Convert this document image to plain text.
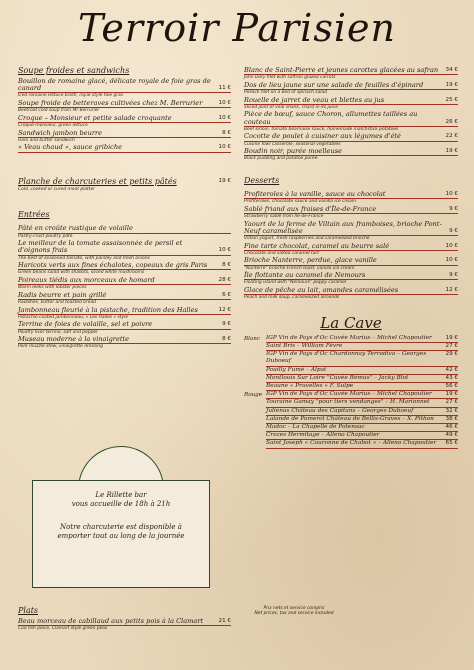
Terroir Parisien
Soupe froides et sandwichs
Bouillon de romaine glacé, délicate royale de foie gras de canard	11 €
Iced romaine lettuce broth, royal-style foie gras
Soupe froide de betteraves cultivées chez M. Berrurier	10 €
Beetroot cold soup from Mr Berrurier
Croque – Monsieur et petite salade croquante	10 €
Croque-monsieur, green lettuce
Sandwich jambon beurre	8 €
Ham and butter sandwich
« Veau chaud », sauce gribiche	10 €
Planche de charcuteries et petits pâtés	19 €
Cold, cooked or cured meat platter
Entrées
Pâté en croûte rustique de volaille
Pastry-crust poultry pâté
Le meilleur de la tomate assaisonnée de persil et d'oignons frais	10 €
The best of seasoned tomato, with parsley and fresh onions
Haricots verts aux fines échalotes, copeaux de gris Paris	8 €
Green beans salad with shallots, sliced white mushrooms
Poireaux tiédis aux morceaux de homard	28 €
Warm leeks with lobster pieces
Radis beurre et pain grillé	6 €
Radishes, butter and toasted bread
Jambonneau fleurié à la pistache, tradition des Halles	12 €
Pistachio coated jambonneau, « Les Halles » style
Terrine de foies de volaille, sel et poivre	9 €
Poultry liver terrine, salt and pepper
Museau moderne à la vinaigrette	8 €
Pork muzzle stew, vinaigrette dressing
Blanc de Saint-Pierre et jeunes carottes glacées au safran	34 €
John Dory filet with saffron glazed carrots
Dos de lieu jaune sur une salade de feuilles d'épinard	19 €
Pollack filet on a bed of spinach salad
Rouelle de jarret de veau et blettes au jus	25 €
Sliced joint of veal shank, chard in its juice
Pièce de bœuf, sauce Choron, allumettes taillées au couteau	26 €
Beef sirloin, tomato béarnaise sauce, homemade matchstick potatoes
Cocotte de poulet à cuisiner aux légumes d'été	22 €
Cuisine fowl casserole, seasonal vegetables
Boudin noir, purée moelleuse	19 €
Black pudding and potatoe purée
Desserts
Profiteroles à la vanille, sauce au chocolat	10 €
Profiteroles, chocolate sauce and vanilla ice cream
Sablé friand aux fraises d'Île-de-France	9 €
Strawberry sablé from Île-de-France
Yaourt de la ferme de Viltain aux framboises, brioche Pont-Neuf caramélisée	9 €
Viltain yogurt, fresh raspberries and caramelized brioche
Fine tarte chocolat, caramel au beurre salé	10 €
Chocolate and salted caramel tart
Brioche Nanterre, perdue, glace vanille	10 €
"Nanterre" brioche French toast, vanilla ice cream
Île flottante au caramel de Nemours	9 €
Floating island with "Nemours" poppy caramel
Glace de pêche au lait, amandes caramélisées	12 €
Peach and milk soup, caramelized almonds
La Cave
Blanc	IGP Vin de Pays d'Oc Cuvée Marius – Michel Chapoutier	19 €
Saint Bris – William Fèvre	27 €
IGP Vin de Pays d'Oc Chardonnay Terradiva – Georges Duboeuf
29 €
Pouilly Fumé – Alpat	42 €
Montlouis Sur Loire "Cuvée Rémus" – Jacky Blot	43 €
Beaune « Pruvelles » F. Sulpe	56 €
Rouge IGP Vin de Pays d'Oc Cuvée Marius – Michel Chapoutier	19 €
Touraine Gamay "pour tiers vendanges" – H. Marionnet	27 €
Juliénas Château des Capitans – Georges Duboeuf	32 €
Lalande de Pomerol Château de Bellis-Graves – X. Pithon	38 €
Madoc – La Chapelle de Potensac	46 €
Crozes Hermitage – Alleno Chapoutier	49 €
Saint Joseph « Couronne de Chabot » – Alleno Chapoutier	65 €
Le Rillette bar
vous accueille de 18h à 21h
Notre charcuterie est disponible à
emporter tout au long de la journée
Plats
Beau morceau de cabillaud aux petits pois à la Clamart	21 €
Cod fish piece, Clamart style green peas
Prix nets et service compris
Net prices, tax and service included
